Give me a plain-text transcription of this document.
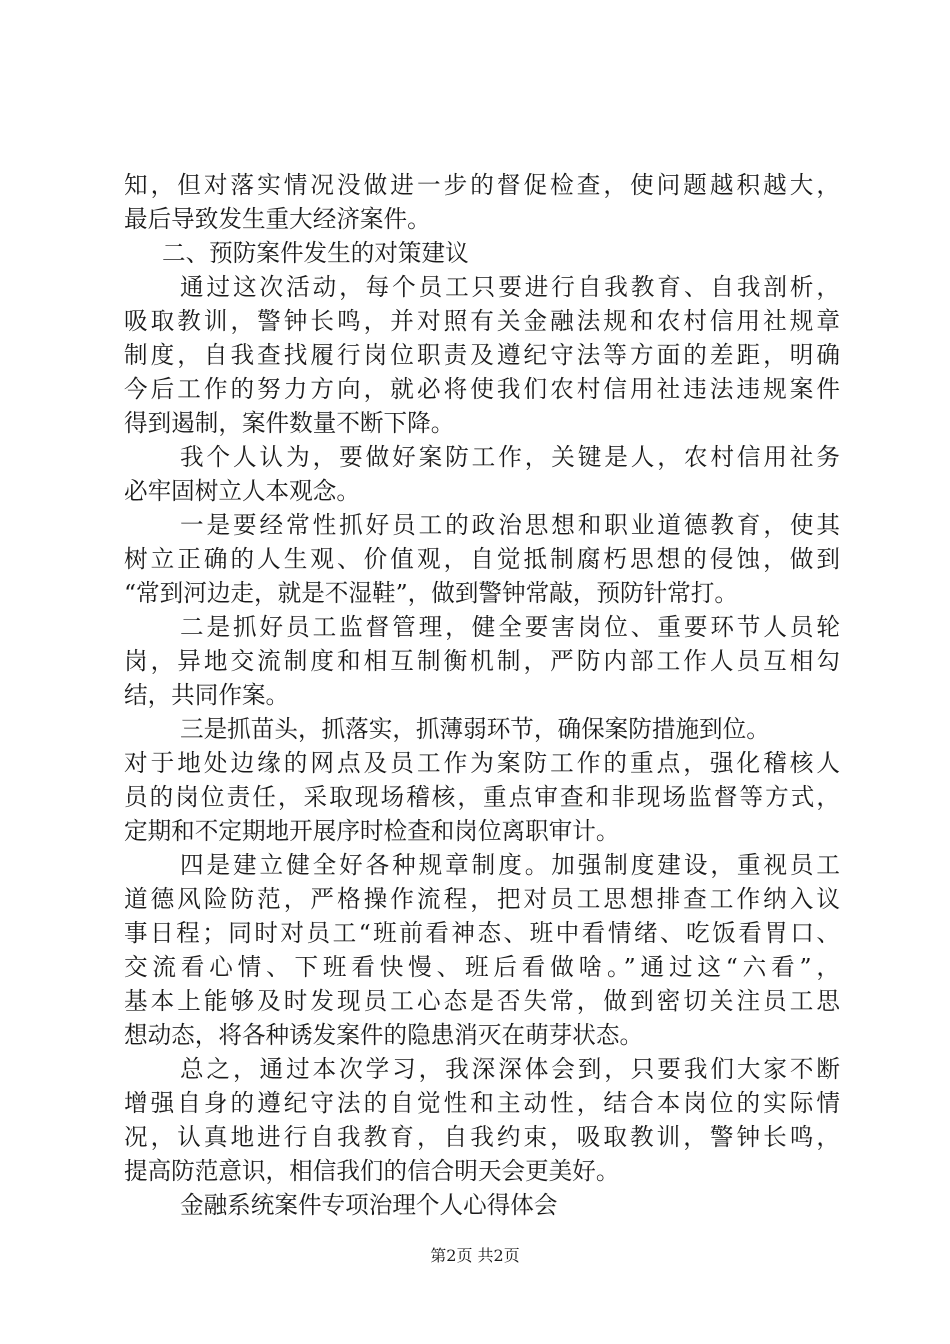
知，但对落实情况没做进一步的督促检查，使问题越积越大，
最后导致发生重大经济案件。
二、预防案件发生的对策建议
通过这次活动，每个员工只要进行自我教育、自我剖析，
吸取教训，警钟长鸣，并对照有关金融法规和农村信用社规章
制度，自我查找履行岗位职责及遵纪守法等方面的差距，明确
今后工作的努力方向，就必将使我们农村信用社违法违规案件
得到遏制，案件数量不断下降。
我个人认为，要做好案防工作，关键是人，农村信用社务
必牢固树立人本观念。
一是要经常性抓好员工的政治思想和职业道德教育，使其
树立正确的人生观、价值观，自觉抵制腐朽思想的侵蚀，做到
“常到河边走，就是不湿鞋”，做到警钟常敲，预防针常打。
二是抓好员工监督管理，健全要害岗位、重要环节人员轮
岗，异地交流制度和相互制衡机制，严防内部工作人员互相勾
结，共同作案。
三是抓苗头，抓落实，抓薄弱环节，确保案防措施到位。
对于地处边缘的网点及员工作为案防工作的重点，强化稽核人
员的岗位责任，采取现场稽核，重点审查和非现场监督等方式，
定期和不定期地开展序时检查和岗位离职审计。
四是建立健全好各种规章制度。加强制度建设，重视员工
道德风险防范，严格操作流程，把对员工思想排查工作纳入议
事日程；同时对员工“班前看神态、班中看情绪、吃饭看胃口、
交流看心情、下班看快慢、班后看做啥。”通过这“六看”，
基本上能够及时发现员工心态是否失常，做到密切关注员工思
想动态，将各种诱发案件的隐患消灭在萌芽状态。
总之，通过本次学习，我深深体会到，只要我们大家不断
增强自身的遵纪守法的自觉性和主动性，结合本岗位的实际情
况，认真地进行自我教育，自我约束，吸取教训，警钟长鸣，
提高防范意识，相信我们的信合明天会更美好。
金融系统案件专项治理个人心得体会
第2页 共2页
